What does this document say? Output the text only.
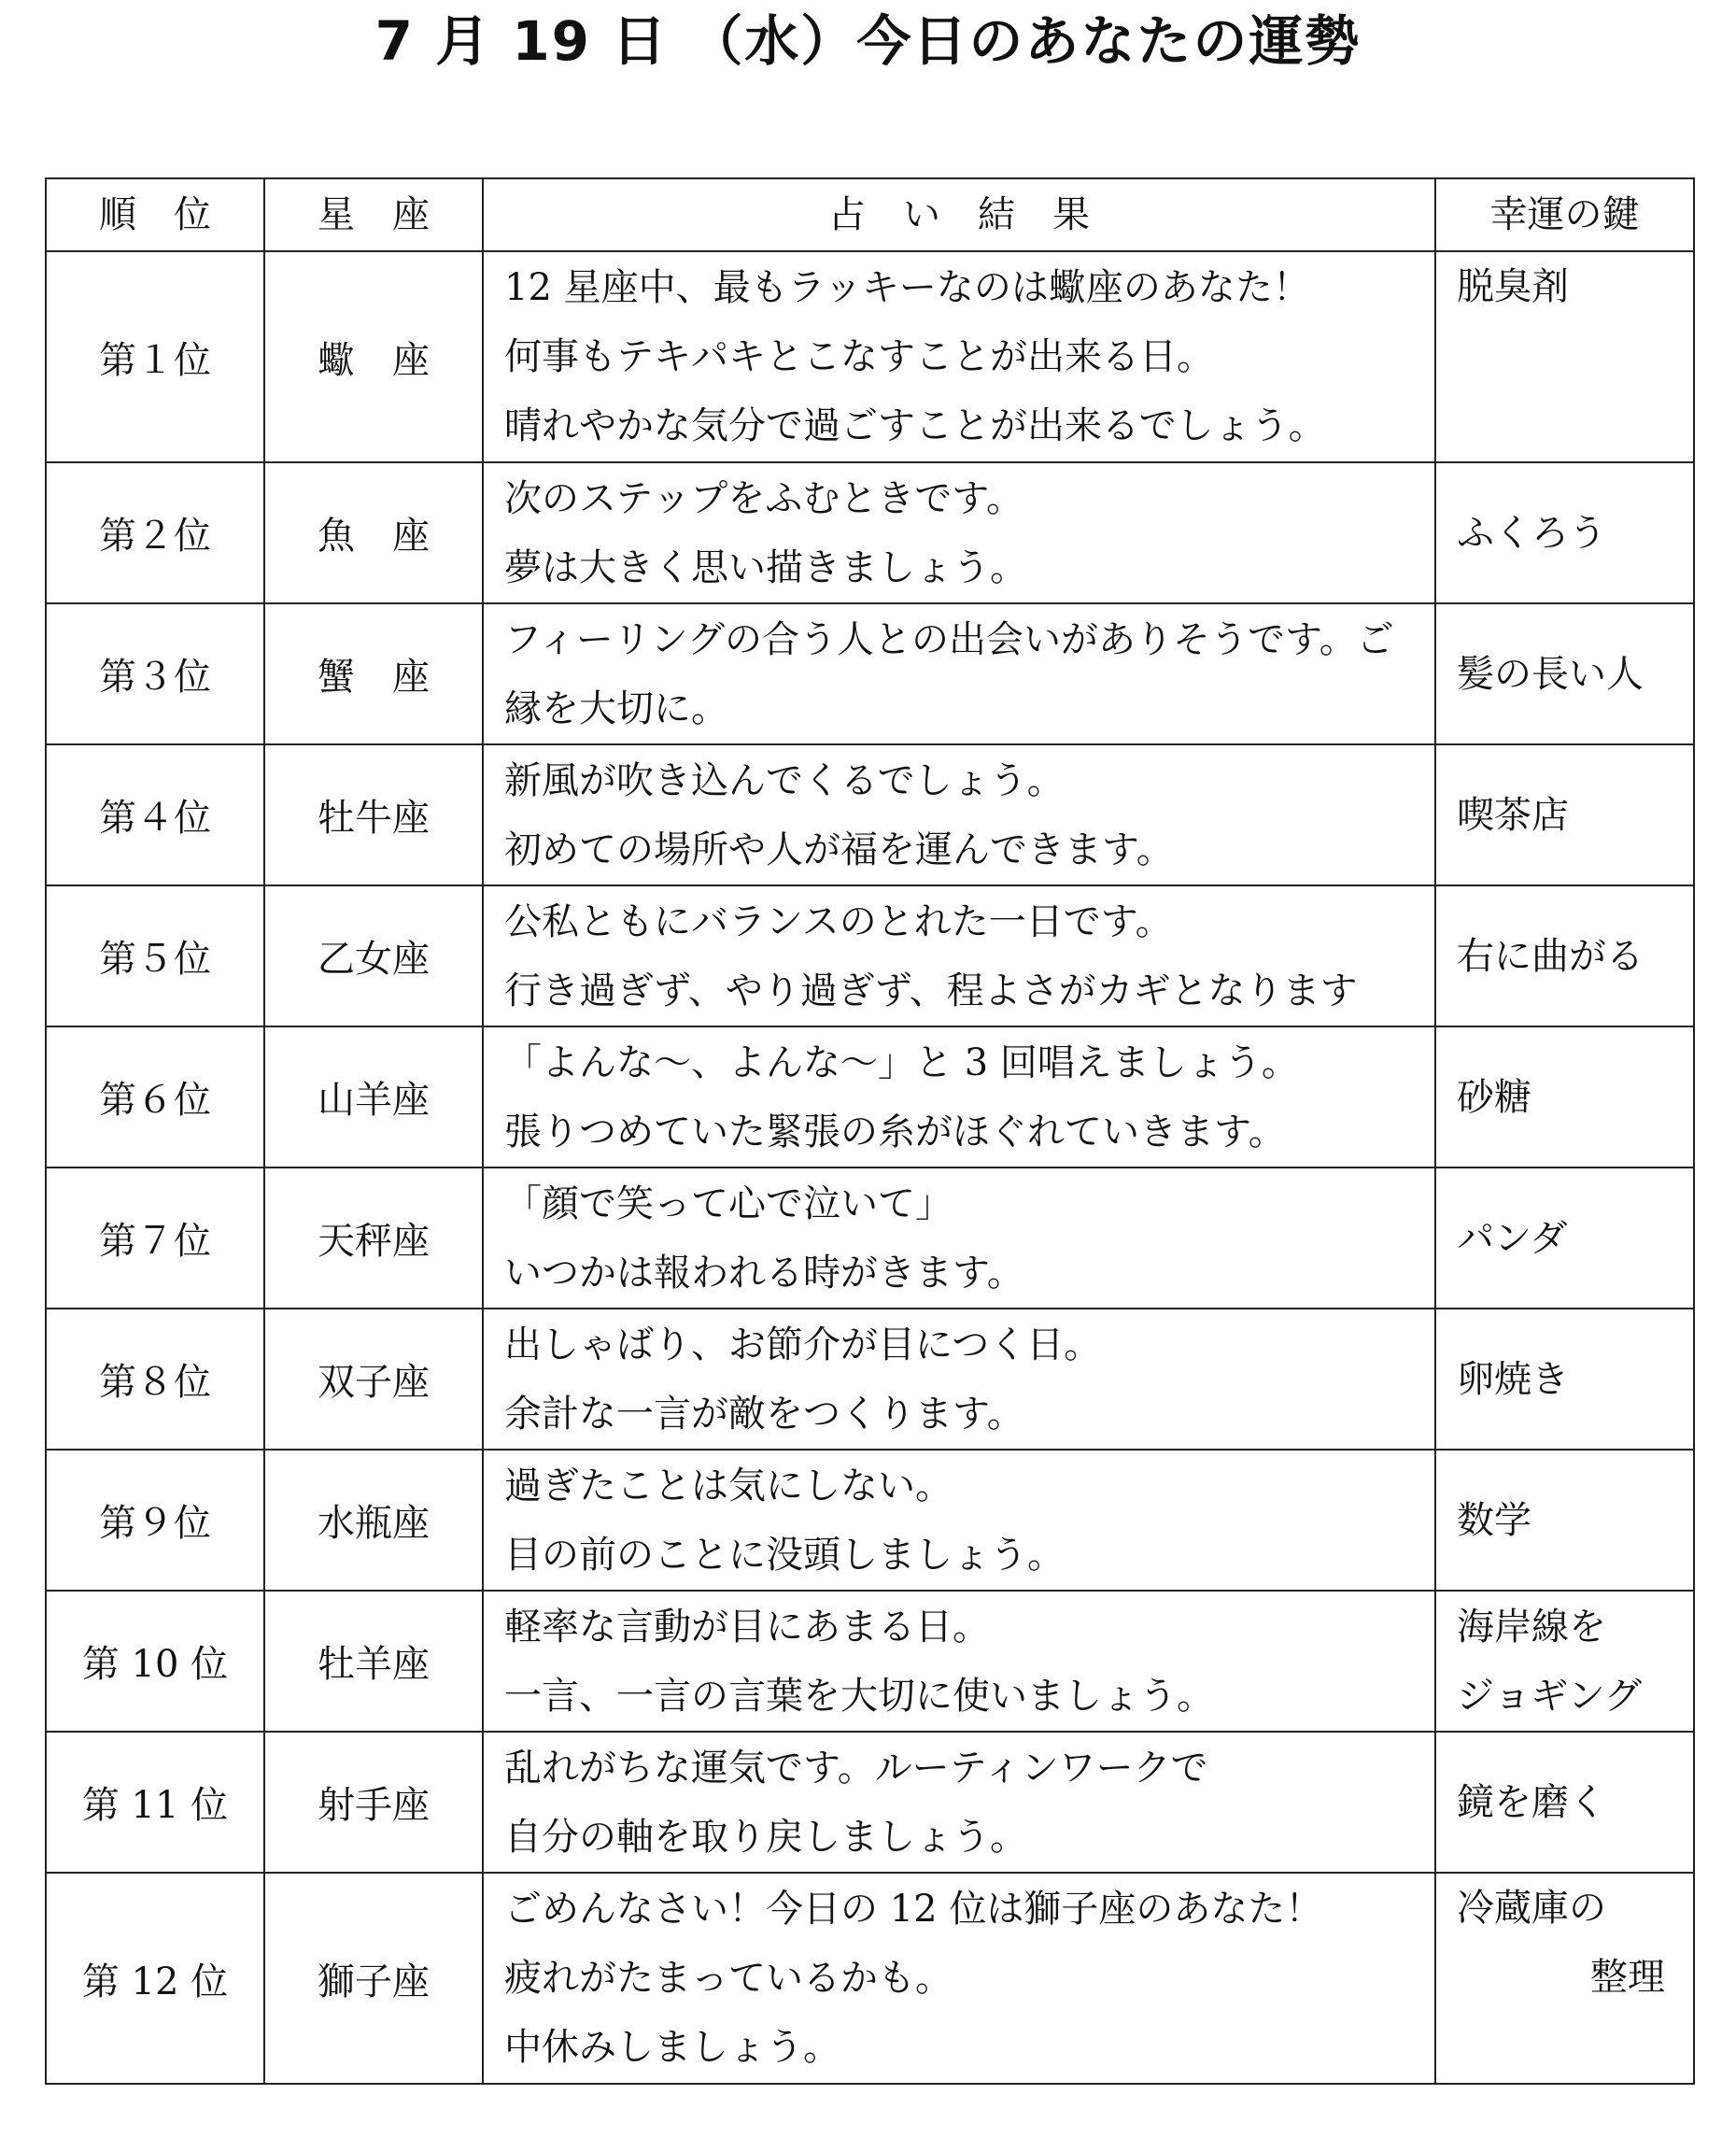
7 月 19 日 （水）今日のあなたの運勢
順　位	星　座	占　い　結　果	幸運の鍵
第１位	蠍　座	12 星座中、最もラッキーなのは蠍座のあなた！
何事もテキパキとこなすことが出来る日。
晴れやかな気分で過ごすことが出来るでしょう。	脱臭剤

第２位	魚　座	次のステップをふむときです。
夢は大きく思い描きましょう。	ふくろう

第３位	蟹　座	フィーリングの合う人との出会いがありそうです。ご縁を大切に。	髪の長い人

第４位	牡牛座	新風が吹き込んでくるでしょう。
初めての場所や人が福を運んできます。	喫茶店

第５位	乙女座	公私ともにバランスのとれた一日です。
行き過ぎず、やり過ぎず、程よさがカギとなります	右に曲がる

第６位	山羊座	「よんな～、よんな～」と 3 回唱えましょう。
張りつめていた緊張の糸がほぐれていきます。	砂糖

第７位	天秤座	「顔で笑って心で泣いて」
いつかは報われる時がきます。	パンダ

第８位	双子座	出しゃばり、お節介が目につく日。
余計な一言が敵をつくります。	卵焼き

第９位	水瓶座	過ぎたことは気にしない。
目の前のことに没頭しましょう。	数学

第 10 位	牡羊座	軽率な言動が目にあまる日。
一言、一言の言葉を大切に使いましょう。	海岸線を
ジョギング

第 11 位	射手座	乱れがちな運気です。ルーティンワークで
自分の軸を取り戻しましょう。	鏡を磨く

第 12 位	獅子座	ごめんなさい！今日の 12 位は獅子座のあなた！
疲れがたまっているかも。
中休みしましょう。	冷蔵庫の
整理
